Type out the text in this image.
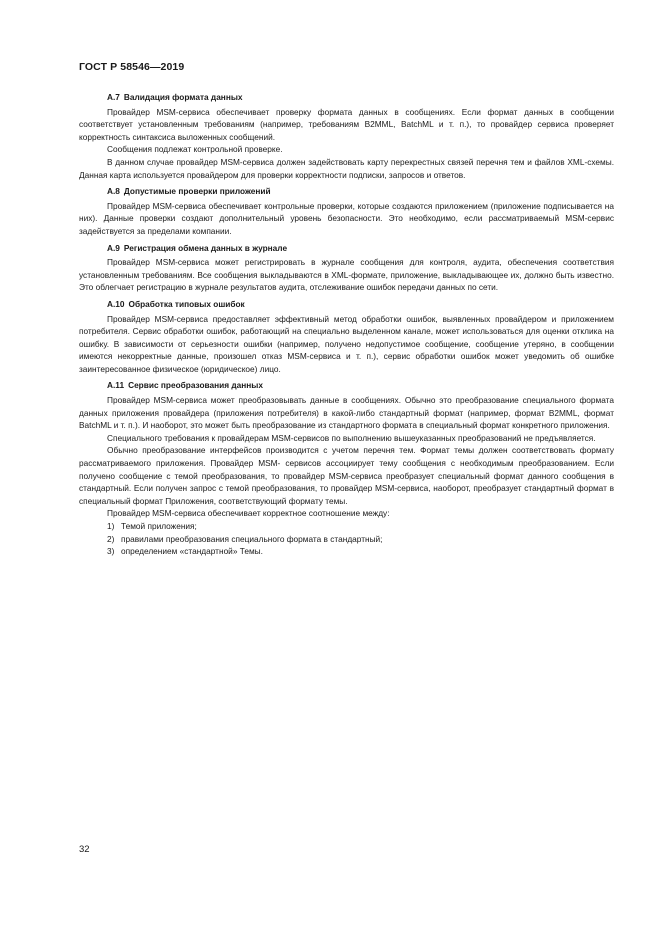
ГОСТ Р 58546—2019
А.7 Валидация формата данных

Провайдер MSM-сервиса обеспечивает проверку формата данных в сообщениях. Если формат данных в сообщении соответствует установленным требованиям (например, требованиям B2MML, BatchML и т. п.), то провайдер сервиса проверяет корректность синтаксиса выложенных сообщений.

Сообщения подлежат контрольной проверке.

В данном случае провайдер MSM-сервиса должен задействовать карту перекрестных связей перечня тем и файлов XML-схемы. Данная карта используется провайдером для проверки корректности подписки, запросов и ответов.

А.8 Допустимые проверки приложений

Провайдер MSM-сервиса обеспечивает контрольные проверки, которые создаются приложением (приложение подписывается на них). Данные проверки создают дополнительный уровень безопасности. Это необходимо, если рассматриваемый MSM-сервис задействуется за пределами компании.

А.9 Регистрация обмена данных в журнале

Провайдер MSM-сервиса может регистрировать в журнале сообщения для контроля, аудита, обеспечения соответствия установленным требованиям. Все сообщения выкладываются в XML-формате, приложение, выкладывающее их, должно быть известно. Это облегчает регистрацию в журнале результатов аудита, отслеживание ошибок передачи данных по сети.

А.10 Обработка типовых ошибок

Провайдер MSM-сервиса предоставляет эффективный метод обработки ошибок, выявленных провайдером и приложением потребителя. Сервис обработки ошибок, работающий на специально выделенном канале, может использоваться для оценки отклика на ошибку. В зависимости от серьезности ошибки (например, получено недопустимое сообщение, сообщение утеряно, в сообщении имеются некорректные данные, произошел отказ MSM-сервиса и т. п.), сервис обработки ошибок может уведомить об ошибке заинтересованное физическое (юридическое) лицо.

А.11 Сервис преобразования данных

Провайдер MSM-сервиса может преобразовывать данные в сообщениях. Обычно это преобразование специального формата данных приложения провайдера (приложения потребителя) в какой-либо стандартный формат (например, формат B2MML, формат BatchML и т. п.). И наоборот, это может быть преобразование из стандартного формата в специальный формат конкретного приложения.

Специального требования к провайдерам MSM-сервисов по выполнению вышеуказанных преобразований не предъявляется.

Обычно преобразование интерфейсов производится с учетом перечня тем. Формат темы должен соответствовать формату рассматриваемого приложения. Провайдер MSM- сервисов ассоциирует тему сообщения с необходимым преобразованием. Если получено сообщение с темой преобразования, то провайдер MSM-сервиса преобразует специальный формат данного сообщения в стандартный. Если получен запрос с темой преобразования, то провайдер MSM-сервиса, наоборот, преобразует стандартный формат в специальный формат Приложения, соответствующий формату темы.

Провайдер MSM-сервиса обеспечивает корректное соотношение между:

1) Темой приложения;
2) правилами преобразования специального формата в стандартный;
3) определением «стандартной» Темы.
32
